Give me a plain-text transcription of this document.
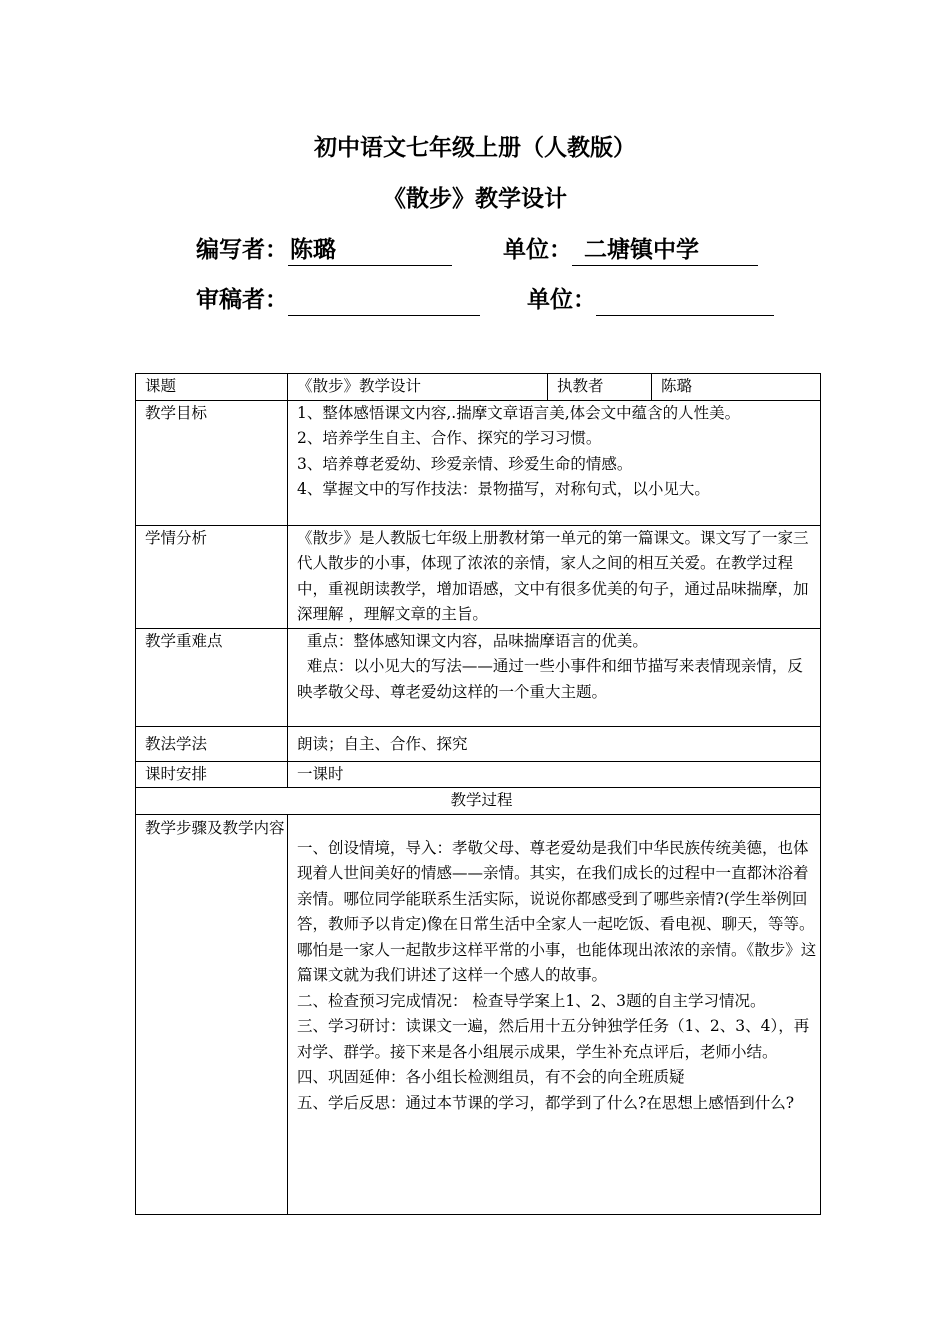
初中语文七年级上册（人教版）
《散步》教学设计
编写者：陈璐	单位： 二塘镇中学
审稿者：	单位：
课题	《散步》教学设计	执教者	陈璐
教学目标	1、整体感悟课文内容,.揣摩文章语言美,体会文中蕴含的人性美。
2、培养学生自主、合作、探究的学习习惯。
3、培养尊老爱幼、珍爱亲情、珍爱生命的情感。
4、掌握文中的写作技法：景物描写，对称句式，以小见大。		

学情分析	《散步》是人教版七年级上册教材第一单元的第一篇课文。课文写了一家三代人散步的小事，体现了浓浓的亲情，家人之间的相互关爱。在教学过程中，重视朗读教学，增加语感，文中有很多优美的句子，通过品味揣摩，加深理解 ，理解文章的主旨。		
教学重难点	重点：整体感知课文内容，品味揣摩语言的优美。
难点：以小见大的写法——通过一些小事件和细节描写来表情现亲情，反映孝敬父母、尊老爱幼这样的一个重大主题。		

教法学法	朗读；自主、合作、探究		
课时安排	一课时		
教学过程			
教学步骤及教学内容	一、创设情境，导入：孝敬父母、尊老爱幼是我们中华民族传统美德，也体现着人世间美好的情感——亲情。其实，在我们成长的过程中一直都沐浴着亲情。哪位同学能联系生活实际，说说你都感受到了哪些亲情?(学生举例回答，教师予以肯定)像在日常生活中全家人一起吃饭、看电视、聊天，等等。哪怕是一家人一起散步这样平常的小事，也能体现出浓浓的亲情。《散步》这篇课文就为我们讲述了这样一个感人的故事。
二、检查预习完成情况： 检查导学案上1、2、3题的自主学习情况。
三、学习研讨：读课文一遍，然后用十五分钟独学任务（1、2、3、4），再对学、群学。接下来是各小组展示成果，学生补充点评后，老师小结。
四、巩固延伸：各小组长检测组员，有不会的向全班质疑
五、学后反思：通过本节课的学习，都学到了什么?在思想上感悟到什么?		
